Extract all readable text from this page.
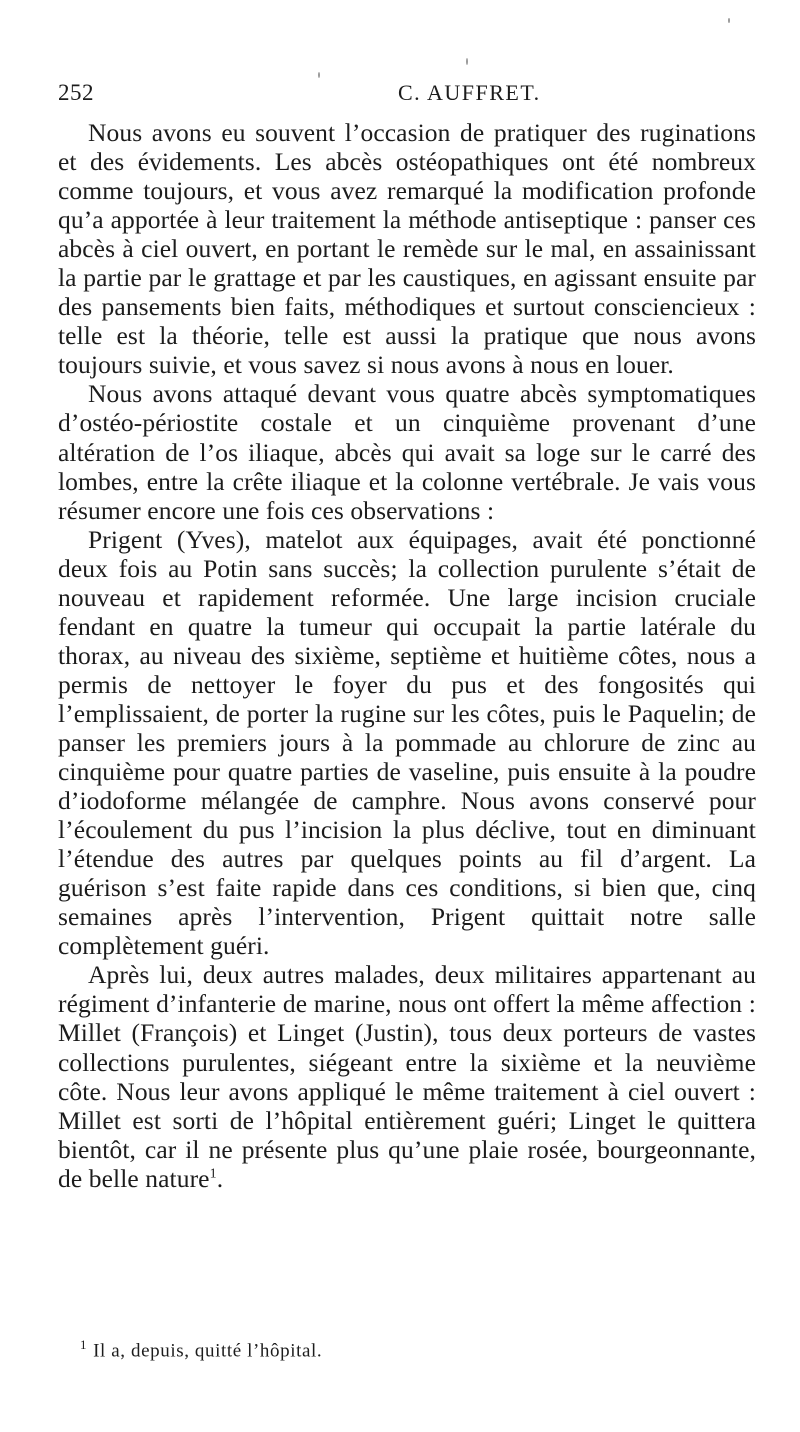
252	C. AUFFRET.

Nous avons eu souvent l’occasion de pratiquer des ruginations et des évidements. Les abcès ostéopathiques ont été nombreux comme toujours, et vous avez remarqué la modification profonde qu’a apportée à leur traitement la méthode antiseptique : panser ces abcès à ciel ouvert, en portant le remède sur le mal, en assainissant la partie par le grattage et par les caustiques, en agissant ensuite par des pansements bien faits, méthodiques et surtout consciencieux : telle est la théorie, telle est aussi la pratique que nous avons toujours suivie, et vous savez si nous avons à nous en louer.

Nous avons attaqué devant vous quatre abcès symptomatiques d’ostéo-périostite costale et un cinquième provenant d’une altération de l’os iliaque, abcès qui avait sa loge sur le carré des lombes, entre la crête iliaque et la colonne vertébrale. Je vais vous résumer encore une fois ces observations :

Prigent (Yves), matelot aux équipages, avait été ponctionné deux fois au Potin sans succès; la collection purulente s’était de nouveau et rapidement reformée. Une large incision cruciale fendant en quatre la tumeur qui occupait la partie latérale du thorax, au niveau des sixième, septième et huitième côtes, nous a permis de nettoyer le foyer du pus et des fongosités qui l’emplissaient, de porter la rugine sur les côtes, puis le Paquelin; de panser les premiers jours à la pommade au chlorure de zinc au cinquième pour quatre parties de vaseline, puis ensuite à la poudre d’iodoforme mélangée de camphre. Nous avons conservé pour l’écoulement du pus l’incision la plus déclive, tout en diminuant l’étendue des autres par quelques points au fil d’argent. La guérison s’est faite rapide dans ces conditions, si bien que, cinq semaines après l’intervention, Prigent quittait notre salle complètement guéri.

Après lui, deux autres malades, deux militaires appartenant au régiment d’infanterie de marine, nous ont offert la même affection : Millet (François) et Linget (Justin), tous deux porteurs de vastes collections purulentes, siégeant entre la sixième et la neuvième côte. Nous leur avons appliqué le même traitement à ciel ouvert : Millet est sorti de l’hôpital entièrement guéri; Linget le quittera bientôt, car il ne présente plus qu’une plaie rosée, bourgeonnante, de belle nature$^1$.

$^1$ Il a, depuis, quitté l’hôpital.
